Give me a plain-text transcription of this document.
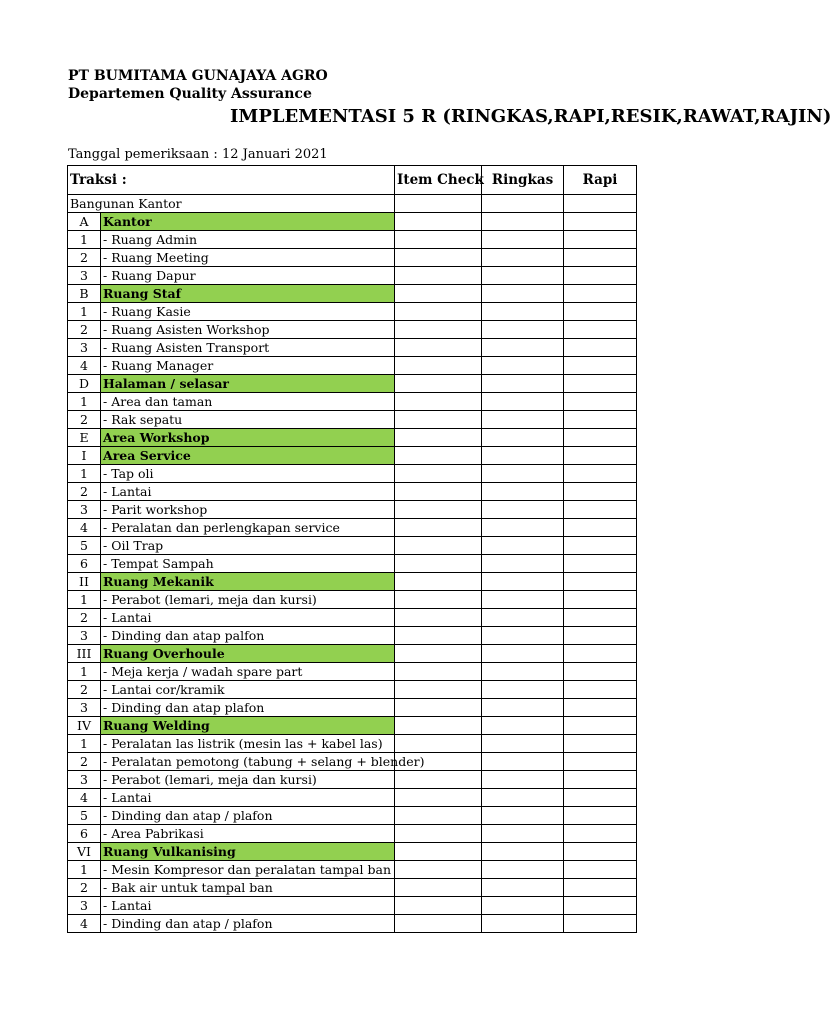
PT BUMITAMA GUNAJAYA AGRO
Departemen Quality Assurance
IMPLEMENTASI 5 R (RINGKAS,RAPI,RESIK,RAWAT,RAJIN)
Tanggal pemeriksaan : 12 Januari 2021
Traksi :		Item Check	Ringkas	Rapi
Bangunan Kantor				
A	Kantor			
1	- Ruang Admin			
2	- Ruang Meeting			
3	- Ruang Dapur			
B	Ruang Staf			
1	- Ruang Kasie			
2	- Ruang Asisten Workshop			
3	- Ruang Asisten Transport			
4	- Ruang Manager			
D	Halaman / selasar			
1	- Area dan taman			
2	- Rak sepatu			
E	Area Workshop			
I	Area Service			
1	- Tap oli			
2	- Lantai			
3	- Parit workshop			
4	- Peralatan dan perlengkapan service			
5	- Oil Trap			
6	- Tempat Sampah			
II	Ruang Mekanik			
1	- Perabot (lemari, meja dan kursi)			
2	- Lantai			
3	- Dinding dan atap palfon			
III	Ruang Overhoule			
1	- Meja kerja / wadah spare part			
2	- Lantai cor/kramik			
3	- Dinding dan atap plafon			
IV	Ruang Welding			
1	- Peralatan las listrik (mesin las + kabel las)			
2	- Peralatan pemotong (tabung + selang + blender)			
3	- Perabot (lemari, meja dan kursi)			
4	- Lantai			
5	- Dinding dan atap / plafon			
6	- Area Pabrikasi			
VI	Ruang Vulkanising			
1	- Mesin Kompresor dan peralatan tampal ban			
2	- Bak air untuk tampal ban			
3	- Lantai			
4	- Dinding dan atap / plafon			
